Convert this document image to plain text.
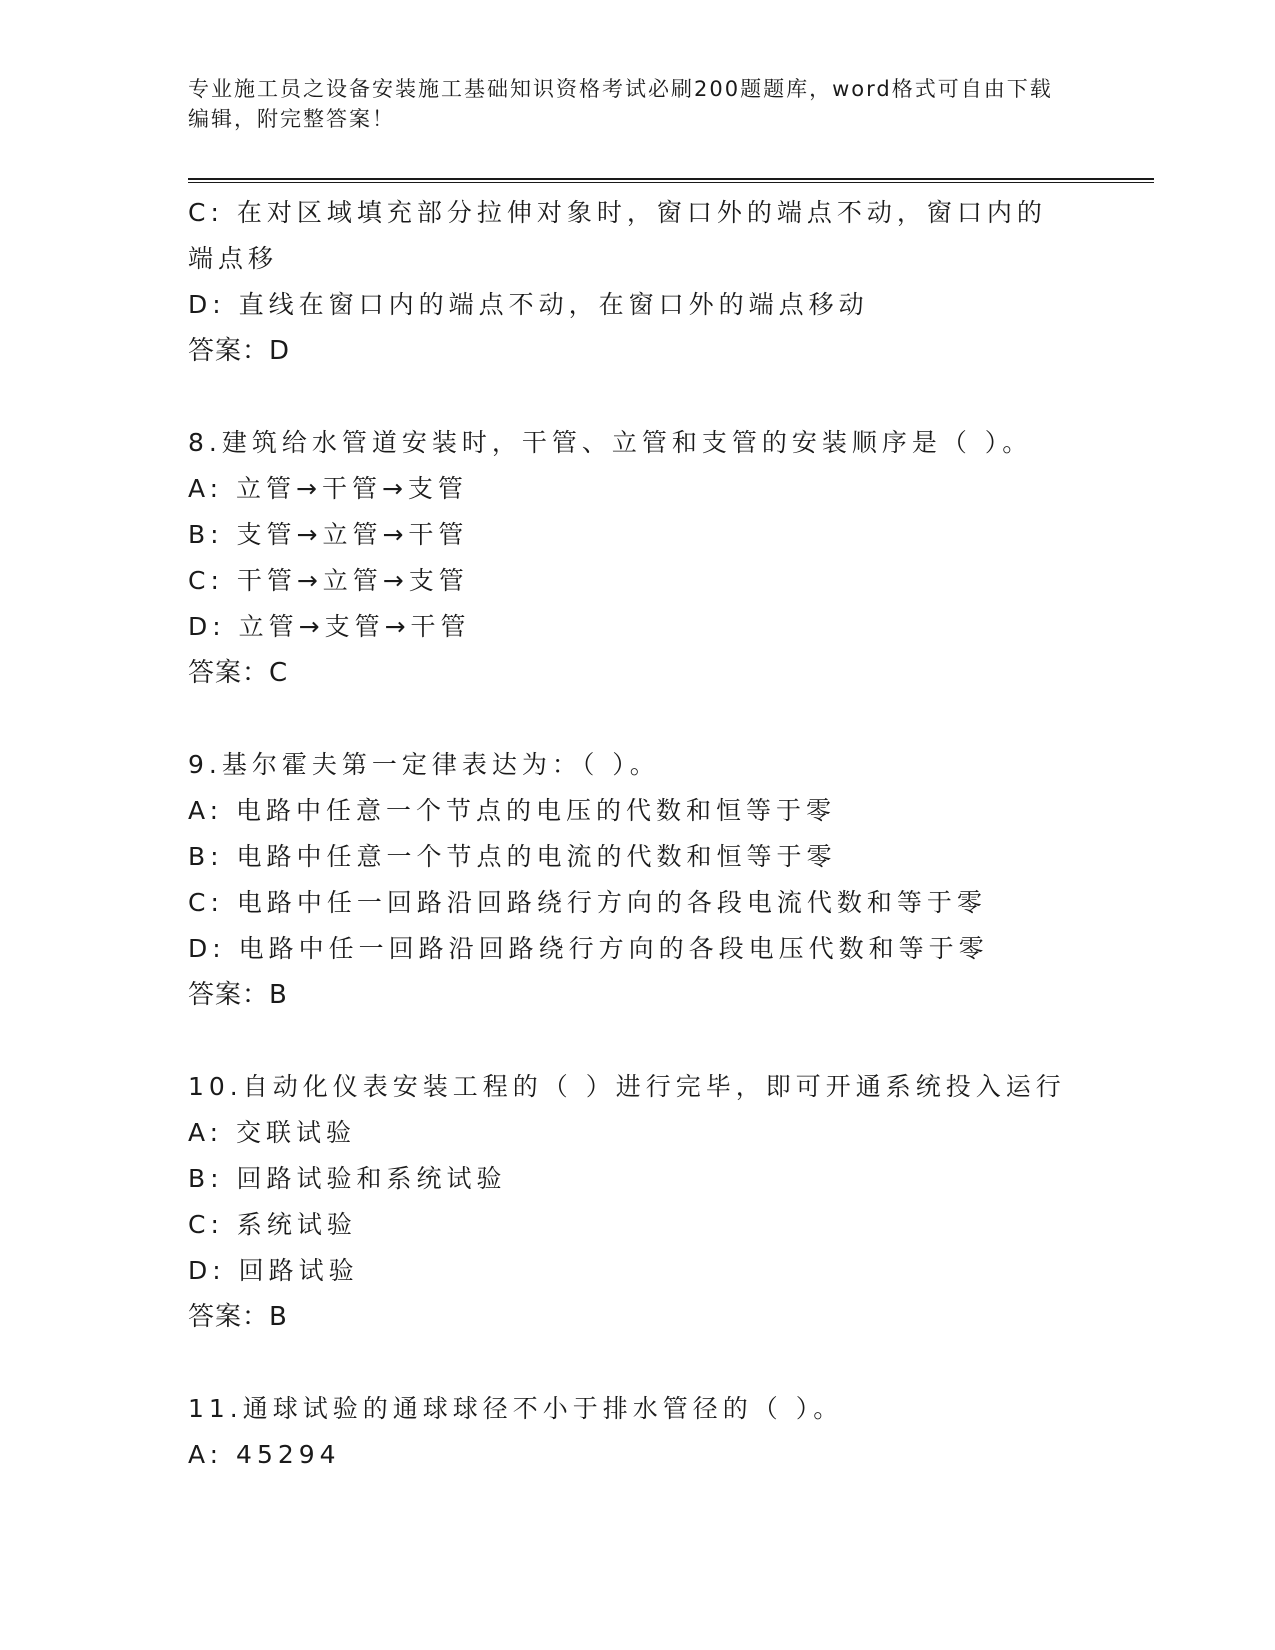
专业施工员之设备安装施工基础知识资格考试必刷200题题库，word格式可自由下载编辑，附完整答案！
C: 在对区域填充部分拉伸对象时，窗口外的端点不动，窗口内的端点移
D: 直线在窗口内的端点不动，在窗口外的端点移动
答案：D
8.建筑给水管道安装时，干管、立管和支管的安装顺序是（ ）。
A: 立管→干管→支管
B: 支管→立管→干管
C: 干管→立管→支管
D: 立管→支管→干管
答案：C
9.基尔霍夫第一定律表达为：（ ）。
A: 电路中任意一个节点的电压的代数和恒等于零
B: 电路中任意一个节点的电流的代数和恒等于零
C: 电路中任一回路沿回路绕行方向的各段电流代数和等于零
D: 电路中任一回路沿回路绕行方向的各段电压代数和等于零
答案：B
10.自动化仪表安装工程的（ ）进行完毕，即可开通系统投入运行
A: 交联试验
B: 回路试验和系统试验
C: 系统试验
D: 回路试验
答案：B
11.通球试验的通球球径不小于排水管径的（ ）。
A: 45294
